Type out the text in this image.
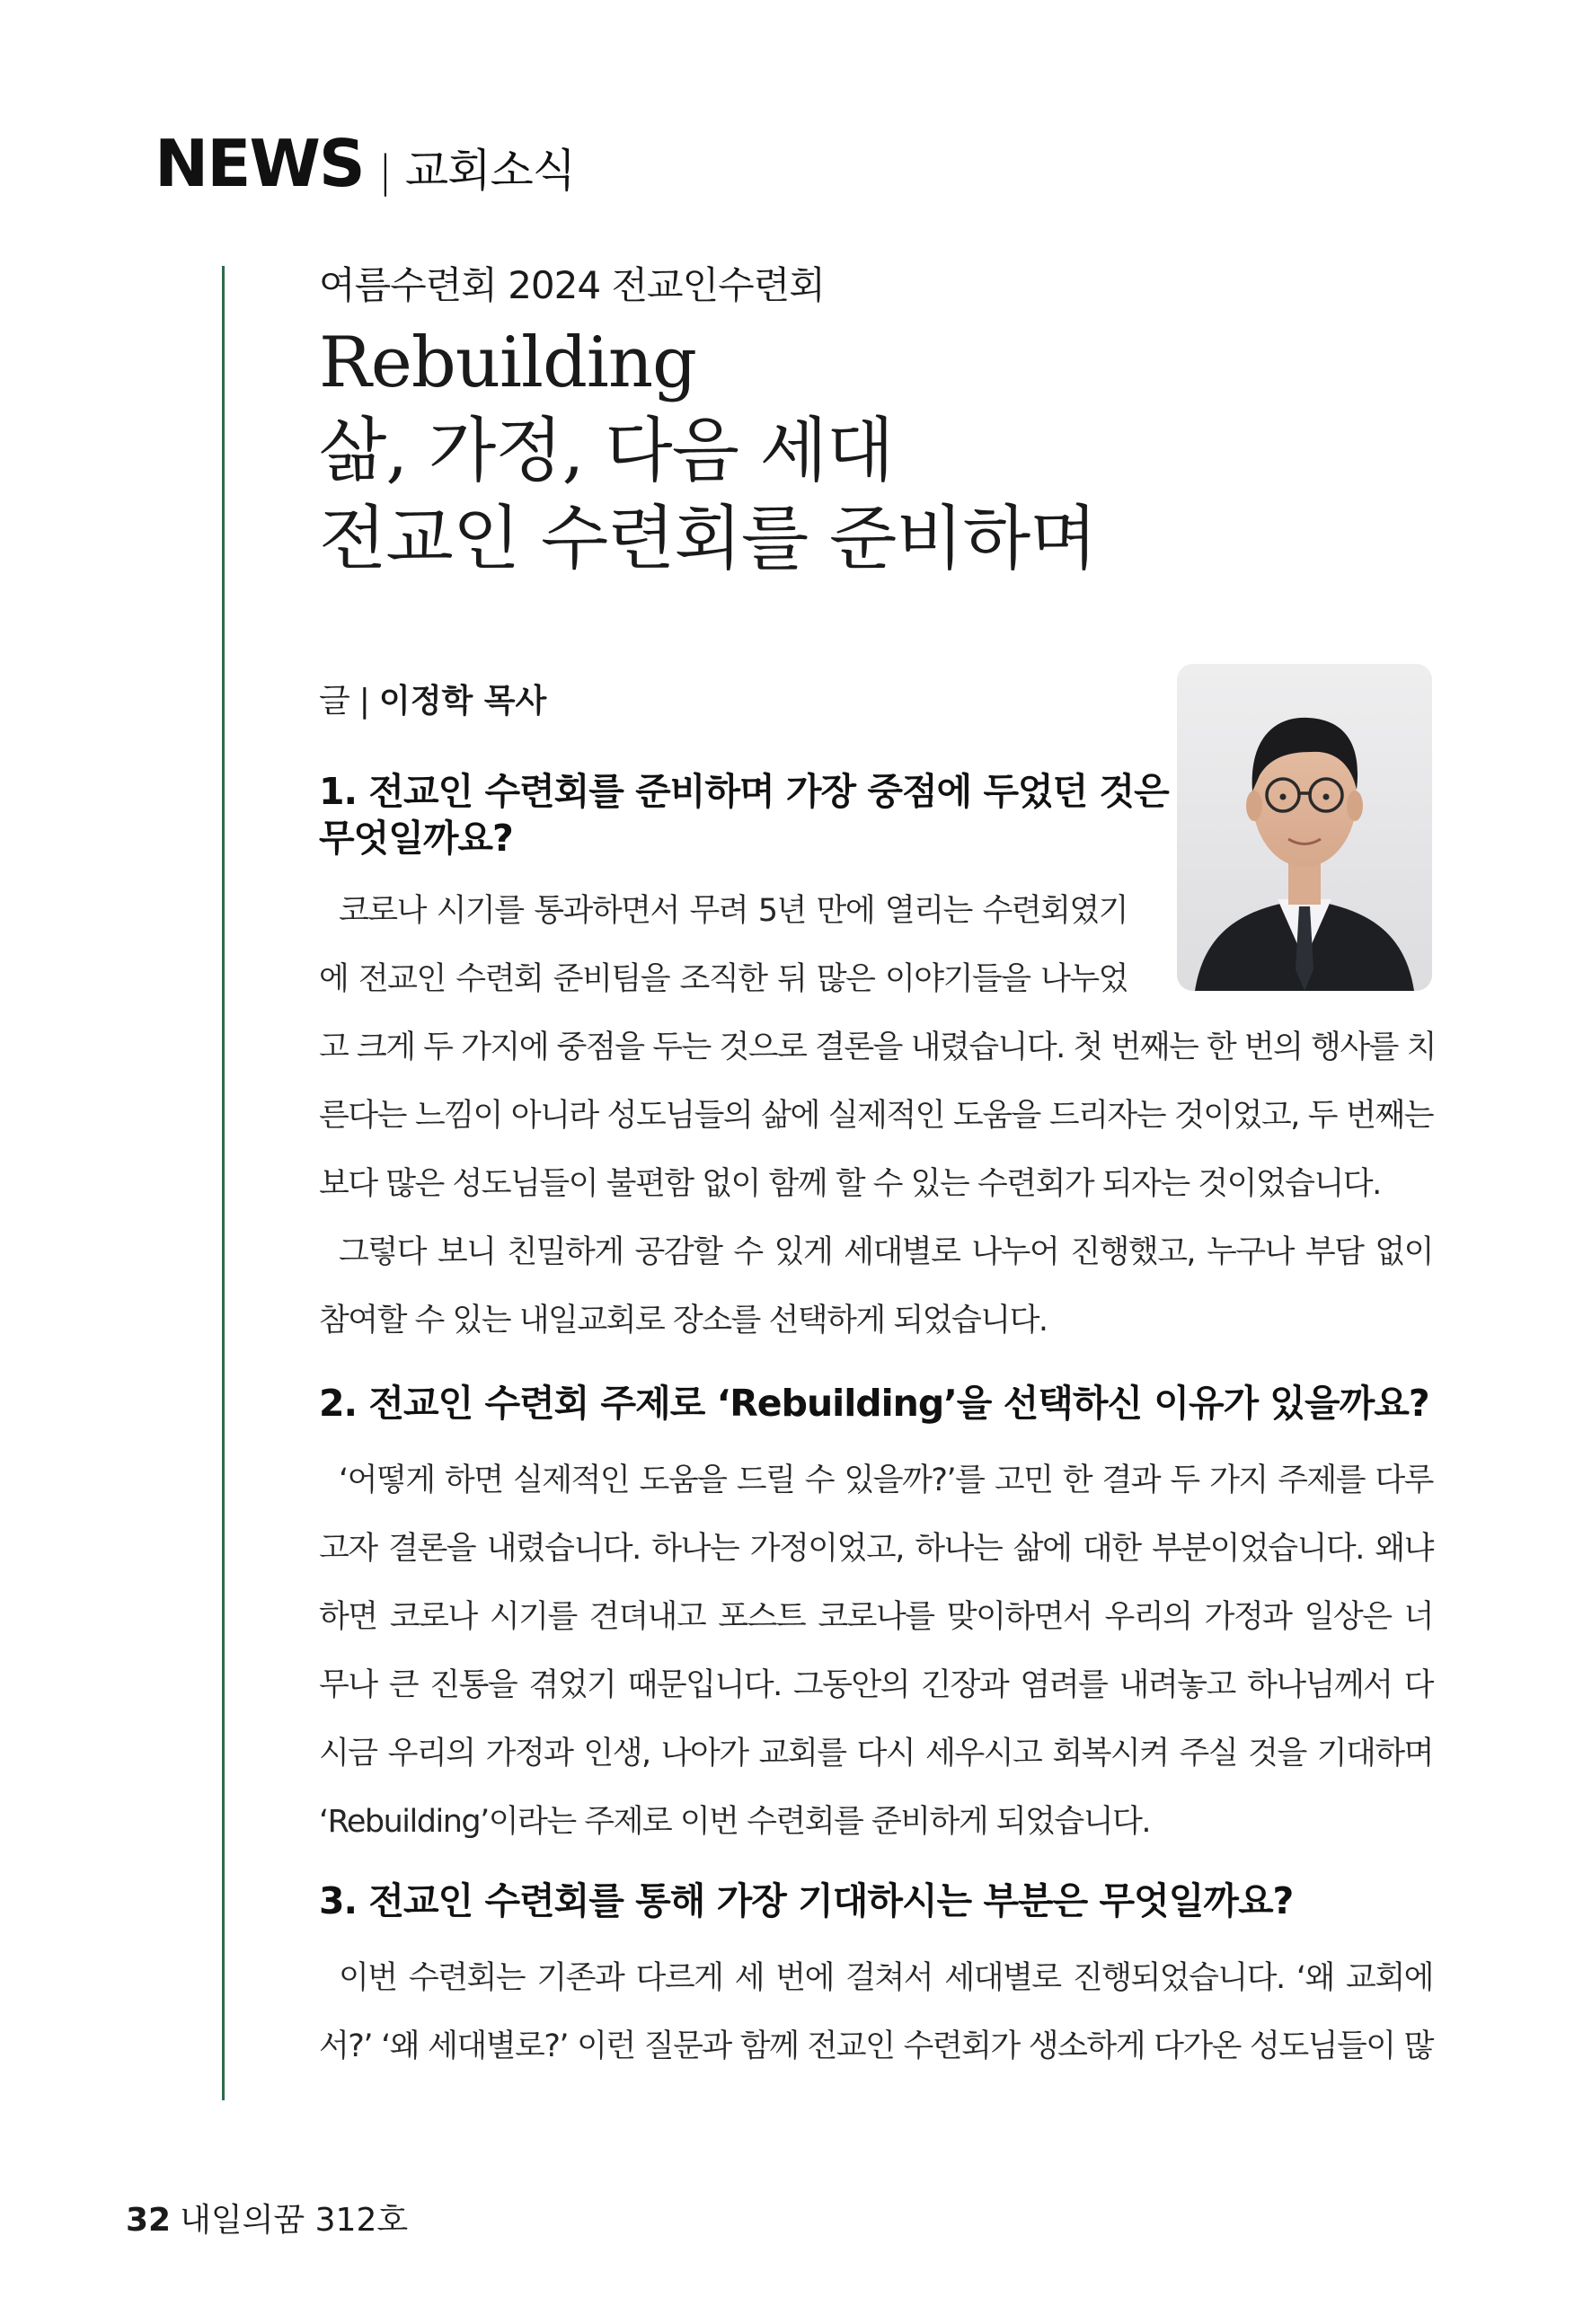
NEWS | 교회소식
여름수련회 2024 전교인수련회
Rebuilding
삶, 가정, 다음 세대
전교인 수련회를 준비하며
글 | 이정학 목사
1. 전교인 수련회를 준비하며 가장 중점에 두었던 것은
무엇일까요?
코로나 시기를 통과하면서 무려 5년 만에 열리는 수련회였기
에 전교인 수련회 준비팀을 조직한 뒤 많은 이야기들을 나누었
고 크게 두 가지에 중점을 두는 것으로 결론을 내렸습니다. 첫 번째는 한 번의 행사를 치
른다는 느낌이 아니라 성도님들의 삶에 실제적인 도움을 드리자는 것이었고, 두 번째는
보다 많은 성도님들이 불편함 없이 함께 할 수 있는 수련회가 되자는 것이었습니다.
그렇다 보니 친밀하게 공감할 수 있게 세대별로 나누어 진행했고, 누구나 부담 없이
참여할 수 있는 내일교회로 장소를 선택하게 되었습니다.
2. 전교인 수련회 주제로 ‘Rebuilding’을 선택하신 이유가 있을까요?
‘어떻게 하면 실제적인 도움을 드릴 수 있을까?’를 고민 한 결과 두 가지 주제를 다루
고자 결론을 내렸습니다. 하나는 가정이었고, 하나는 삶에 대한 부분이었습니다. 왜냐
하면 코로나 시기를 견뎌내고 포스트 코로나를 맞이하면서 우리의 가정과 일상은 너
무나 큰 진통을 겪었기 때문입니다. 그동안의 긴장과 염려를 내려놓고 하나님께서 다
시금 우리의 가정과 인생, 나아가 교회를 다시 세우시고 회복시켜 주실 것을 기대하며
‘Rebuilding’이라는 주제로 이번 수련회를 준비하게 되었습니다.
3. 전교인 수련회를 통해 가장 기대하시는 부분은 무엇일까요?
이번 수련회는 기존과 다르게 세 번에 걸쳐서 세대별로 진행되었습니다. ‘왜 교회에
서?’ ‘왜 세대별로?’ 이런 질문과 함께 전교인 수련회가 생소하게 다가온 성도님들이 많
32 내일의꿈 312호
